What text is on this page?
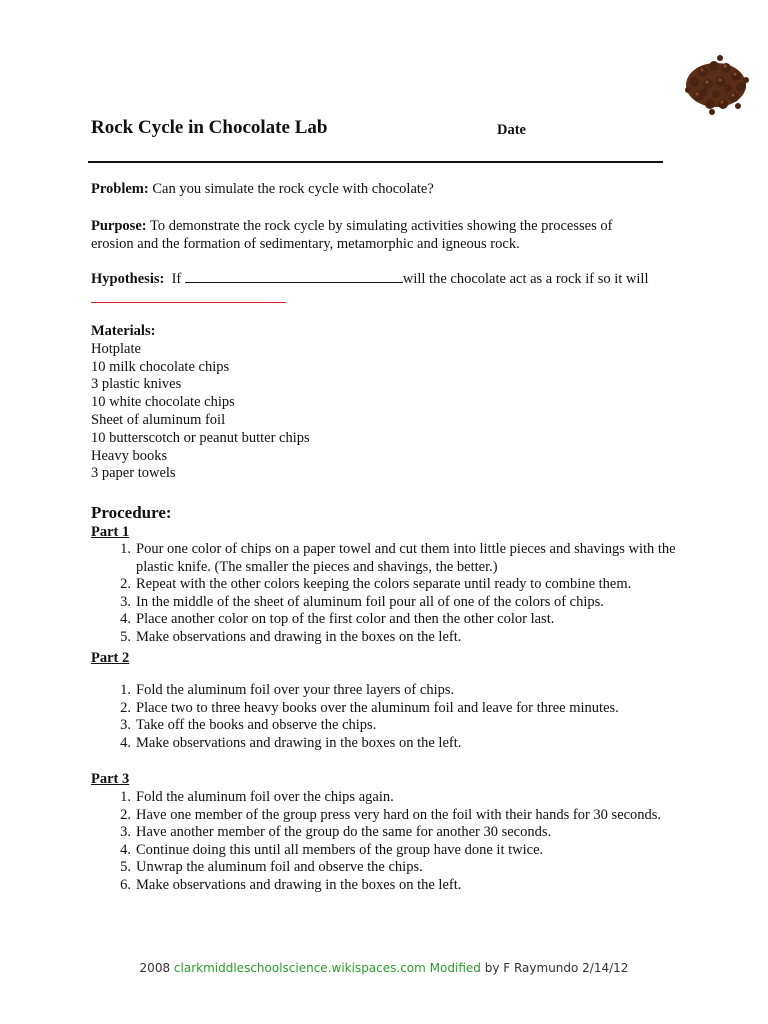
Rock Cycle in Chocolate Lab	Date
Problem: Can you simulate the rock cycle with chocolate?
Purpose: To demonstrate the rock cycle by simulating activities showing the processes of
erosion and the formation of sedimentary, metamorphic and igneous rock.
Hypothesis: If	will the chocolate act as a rock if so it will
Materials:
Hotplate
10 milk chocolate chips
3 plastic knives
10 white chocolate chips
Sheet of aluminum foil
10 butterscotch or peanut butter chips
Heavy books
3 paper towels
Procedure:
Part 1
1. Pour one color of chips on a paper towel and cut them into little pieces and shavings with the plastic knife. (The smaller the pieces and shavings, the better.)
2. Repeat with the other colors keeping the colors separate until ready to combine them.
3. In the middle of the sheet of aluminum foil pour all of one of the colors of chips.
4. Place another color on top of the first color and then the other color last.
5. Make observations and drawing in the boxes on the left.
Part 2
1. Fold the aluminum foil over your three layers of chips.
2. Place two to three heavy books over the aluminum foil and leave for three minutes.
3. Take off the books and observe the chips.
4. Make observations and drawing in the boxes on the left.
Part 3
1. Fold the aluminum foil over the chips again.
2. Have one member of the group press very hard on the foil with their hands for 30 seconds.
3. Have another member of the group do the same for another 30 seconds.
4. Continue doing this until all members of the group have done it twice.
5. Unwrap the aluminum foil and observe the chips.
6. Make observations and drawing in the boxes on the left.
2008 clarkmiddleschoolscience.wikispaces.com Modified by F Raymundo 2/14/12
